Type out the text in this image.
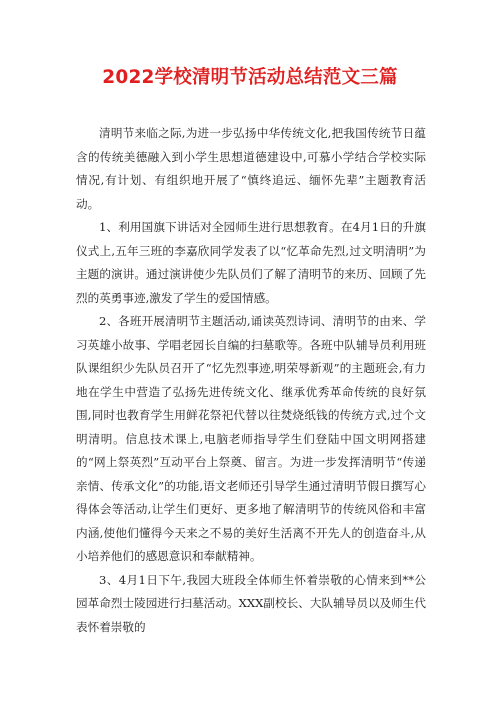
2022学校清明节活动总结范文三篇

清明节来临之际,为进一步弘扬中华传统文化,把我国传统节日蕴含的传统美德融入到小学生思想道德建设中,可慕小学结合学校实际情况,有计划、有组织地开展了“慎终追远、缅怀先辈”主题教育活动。

1、利用国旗下讲话对全园师生进行思想教育。在4月1日的升旗仪式上,五年三班的李嘉欣同学发表了以“忆革命先烈,过文明清明”为主题的演讲。通过演讲使少先队员们了解了清明节的来历、回顾了先烈的英勇事迹,激发了学生的爱国情感。

2、各班开展清明节主题活动,诵读英烈诗词、清明节的由来、学习英雄小故事、学唱老园长自编的扫墓歌等。各班中队辅导员利用班队课组织少先队员召开了“忆先烈事迹,明荣辱新观”的主题班会,有力地在学生中营造了弘扬先进传统文化、继承优秀革命传统的良好氛围,同时也教育学生用鲜花祭祀代替以往焚烧纸钱的传统方式,过个文明清明。信息技术课上,电脑老师指导学生们登陆中国文明网搭建的“网上祭英烈”互动平台上祭奠、留言。为进一步发挥清明节“传递亲情、传承文化”的功能,语文老师还引导学生通过清明节假日撰写心得体会等活动,让学生们更好、更多地了解清明节的传统风俗和丰富内涵,使他们懂得今天来之不易的美好生活离不开先人的创造奋斗,从小培养他们的感恩意识和奉献精神。

3、4月1日下午,我园大班段全体师生怀着崇敬的心情来到**公园革命烈士陵园进行扫墓活动。XXX副校长、大队辅导员以及师生代表怀着崇敬的
